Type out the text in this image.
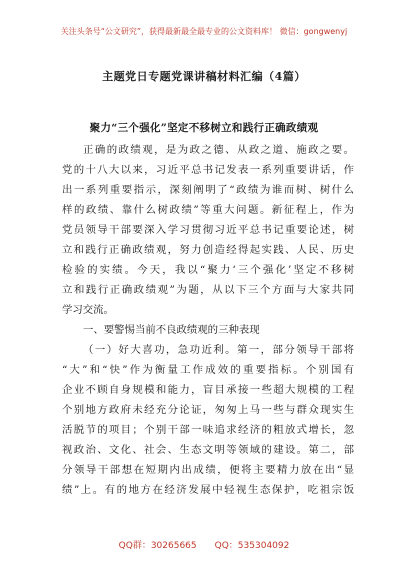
关注头条号“公文研究”，获得最新最全最专业的公文资料库！ 微信：gongwenyj
主题党日专题党课讲稿材料汇编（4篇）
聚力“三个强化”坚定不移树立和践行正确政绩观
正确的政绩观，是为政之德、从政之道、施政之要。
党的十八大以来，习近平总书记发表一系列重要讲话，作
出一系列重要指示，深刻阐明了“政绩为谁而树、树什么
样的政绩、靠什么树政绩”等重大问题。新征程上，作为
党员领导干部要深入学习贯彻习近平总书记重要论述，树
立和践行正确政绩观，努力创造经得起实践、人民、历史
检验的实绩。今天，我以“聚力‘三个强化’坚定不移树
立和践行正确政绩观”为题，从以下三个方面与大家共同
学习交流。
一、要警惕当前不良政绩观的三种表现
（一）好大喜功，急功近利。第一，部分领导干部将
“大”和“快”作为衡量工作成效的重要指标。个别国有
企业不顾自身规模和能力，盲目承接一些超大规模的工程
个别地方政府未经充分论证，匆匆上马一些与群众现实生
活脱节的项目；个别干部一味追求经济的粗放式增长，忽
视政治、文化、社会、生态文明等领域的建设。第二，部
分领导干部想在短期内出成绩，便将主要精力放在出“显
绩”上。有的地方在经济发展中轻视生态保护，吃祖宗饭
QQ群：30265665 QQ：535304092
